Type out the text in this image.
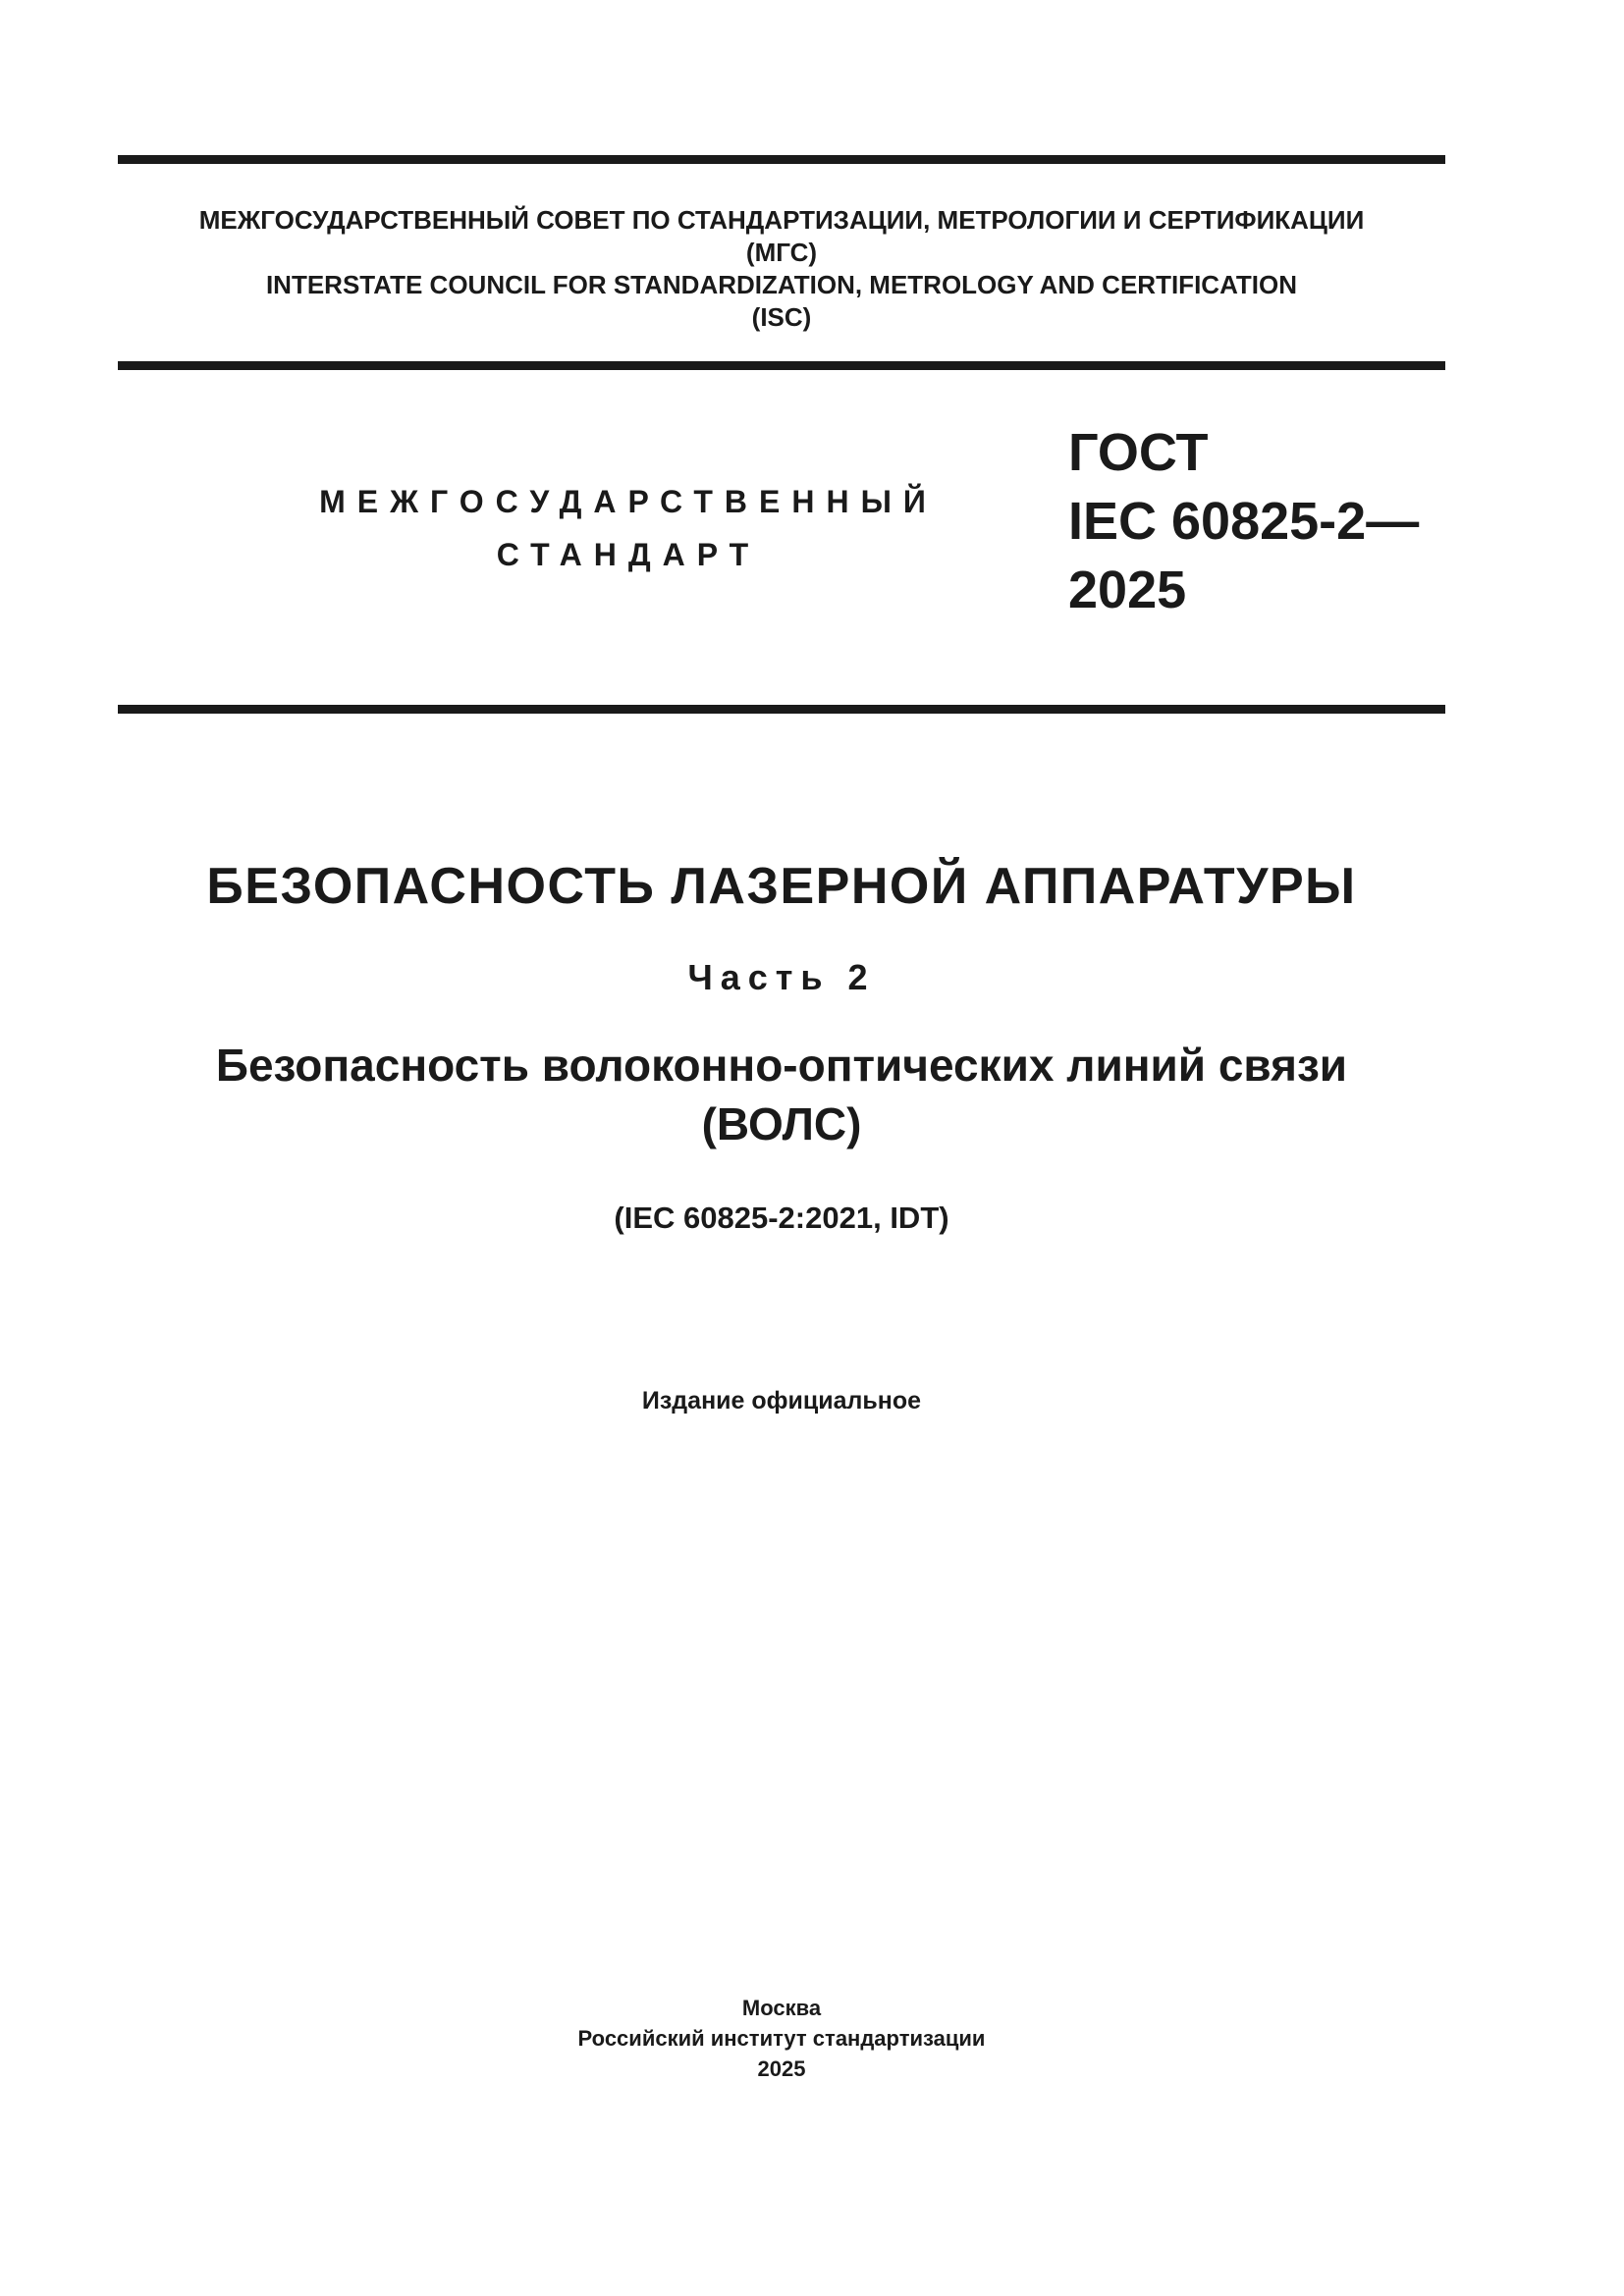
МЕЖГОСУДАРСТВЕННЫЙ СОВЕТ ПО СТАНДАРТИЗАЦИИ, МЕТРОЛОГИИ И СЕРТИФИКАЦИИ
(МГС)
INTERSTATE COUNCIL FOR STANDARDIZATION, METROLOGY AND CERTIFICATION
(ISC)
МЕЖГОСУДАРСТВЕННЫЙ
СТАНДАРТ
ГОСТ
IEC 60825-2—
2025
БЕЗОПАСНОСТЬ ЛАЗЕРНОЙ АППАРАТУРЫ
Часть 2
Безопасность волоконно-оптических линий связи
(ВОЛС)
(IEC 60825-2:2021, IDT)
Издание официальное
Москва
Российский институт стандартизации
2025
